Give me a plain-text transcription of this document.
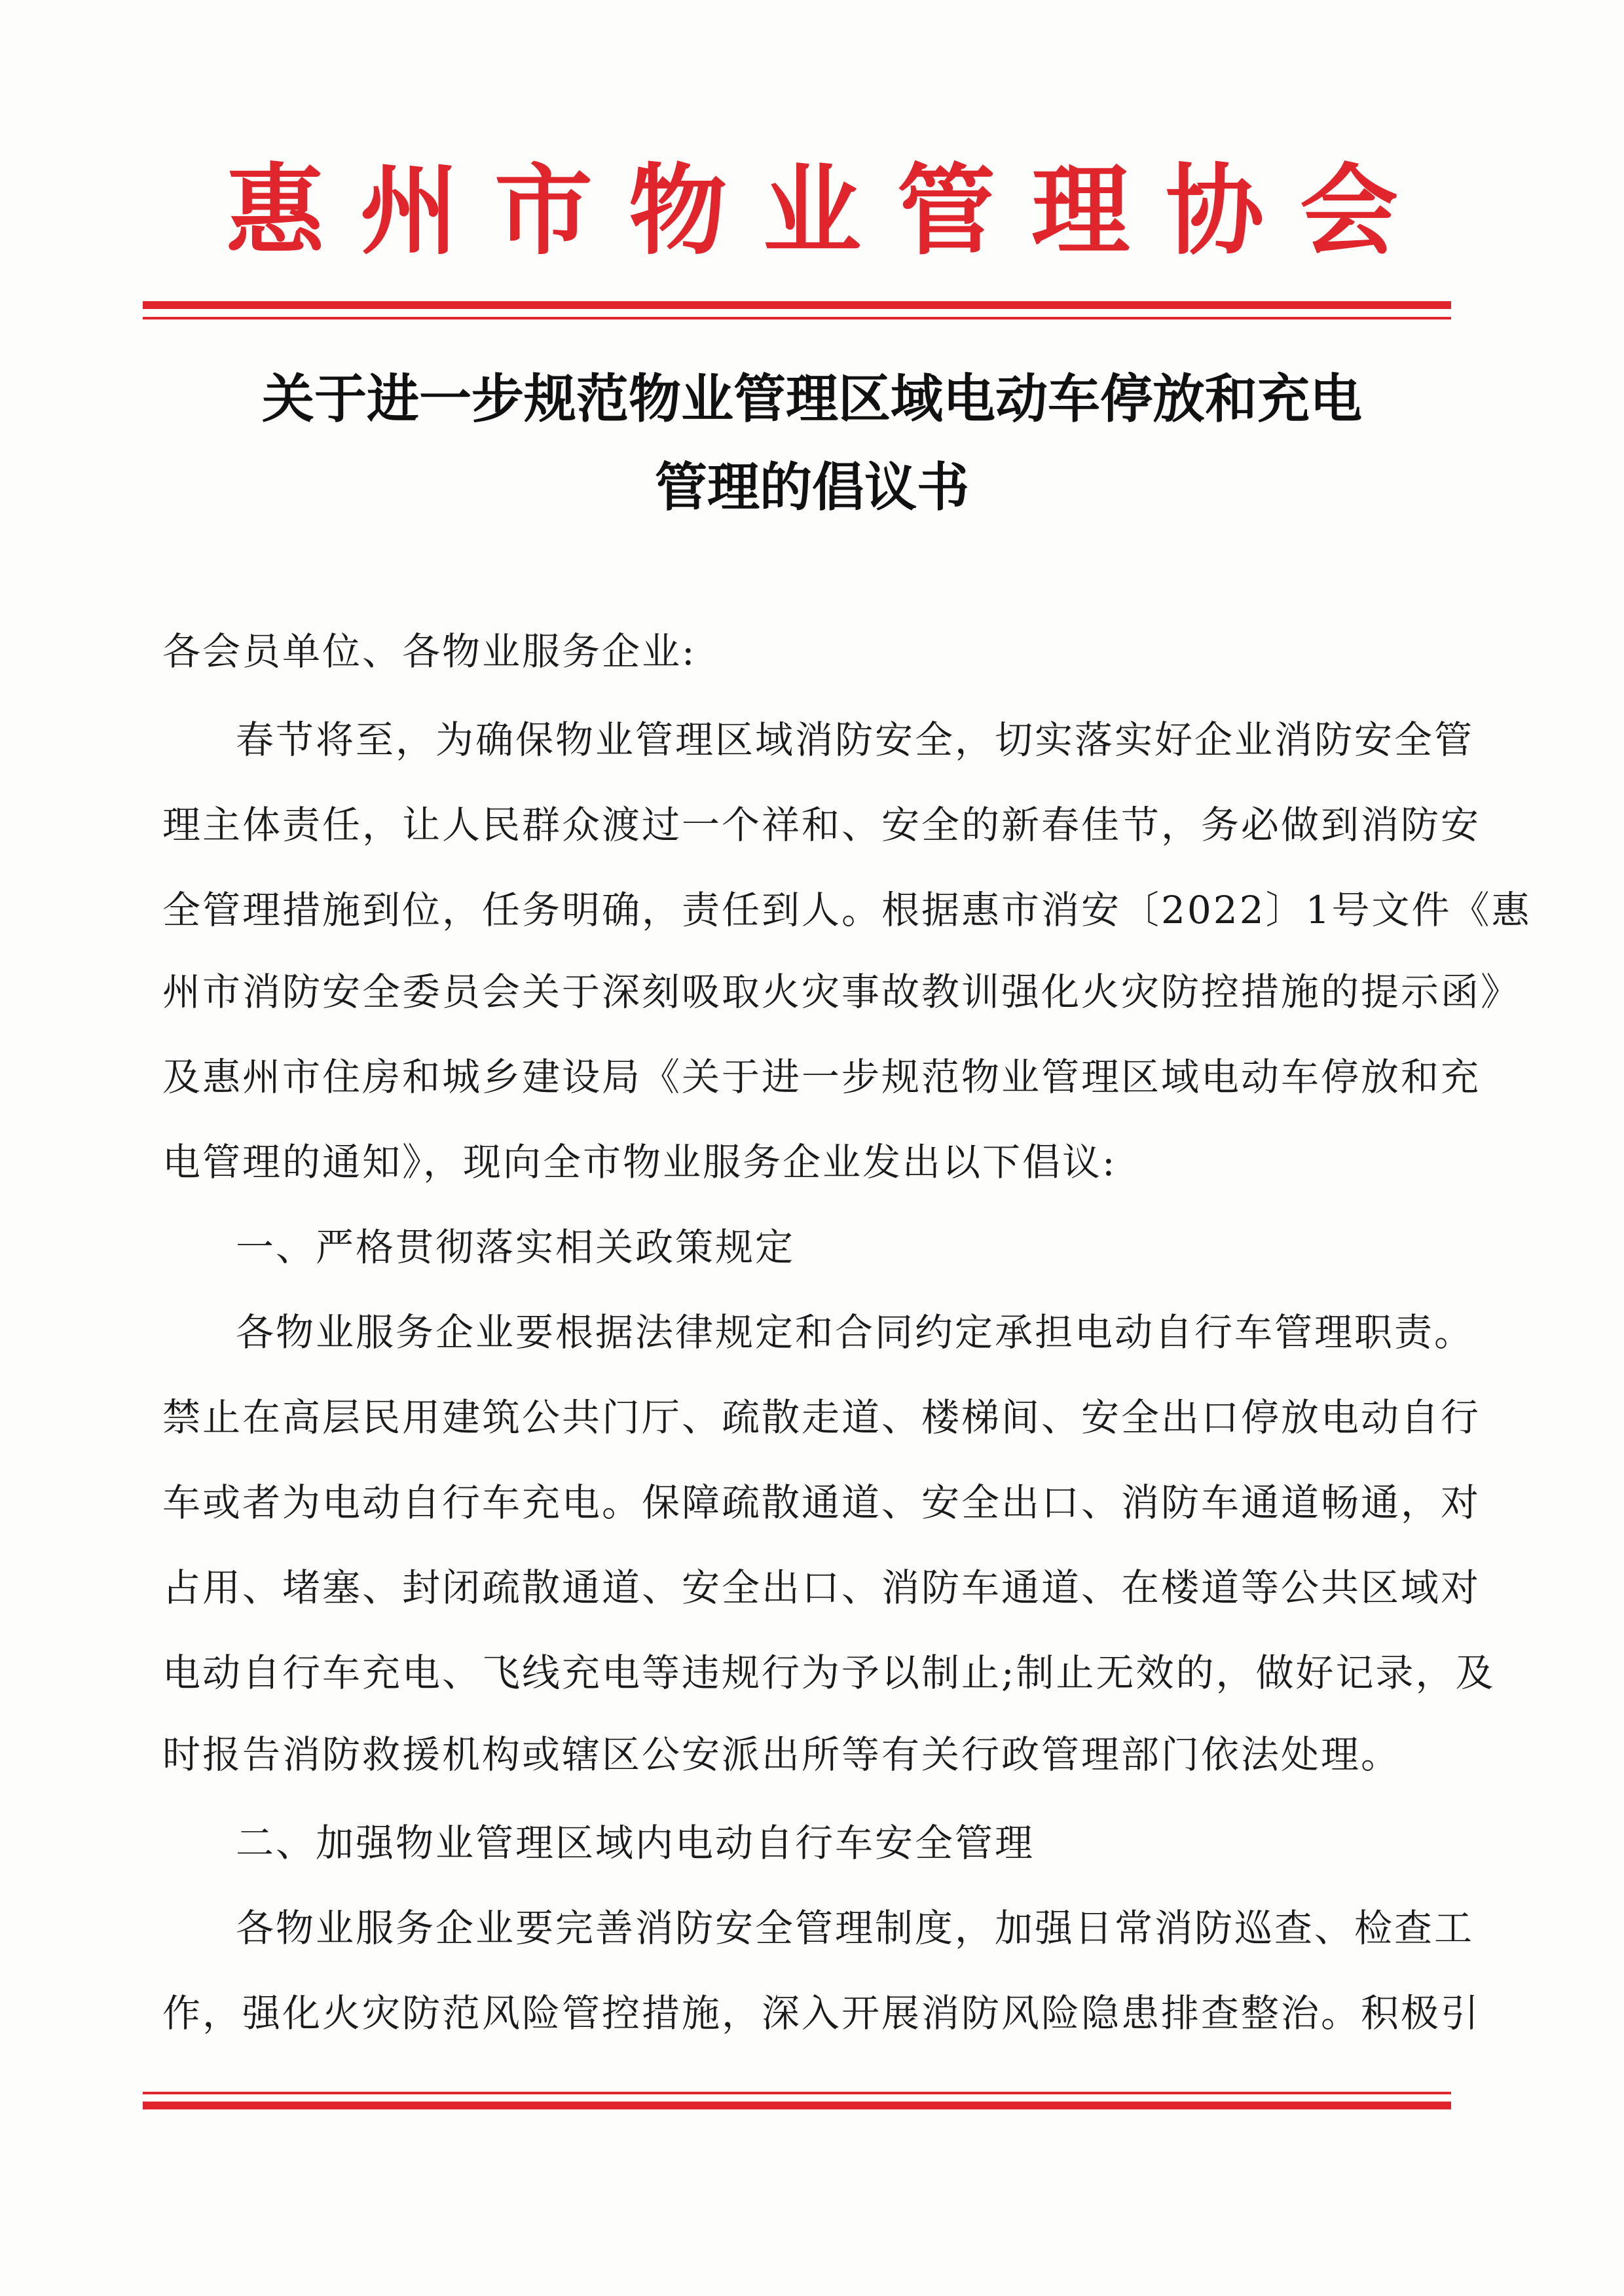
惠州市物业管理协会
关于进一步规范物业管理区域电动车停放和充电
管理的倡议书
各会员单位、各物业服务企业:
春节将至，为确保物业管理区域消防安全，切实落实好企业消防安全管
理主体责任，让人民群众渡过一个祥和、安全的新春佳节，务必做到消防安
全管理措施到位，任务明确，责任到人。根据惠市消安〔2022〕1号文件《惠
州市消防安全委员会关于深刻吸取火灾事故教训强化火灾防控措施的提示函》
及惠州市住房和城乡建设局《关于进一步规范物业管理区域电动车停放和充
电管理的通知》，现向全市物业服务企业发出以下倡议:
一、严格贯彻落实相关政策规定
各物业服务企业要根据法律规定和合同约定承担电动自行车管理职责。
禁止在高层民用建筑公共门厅、疏散走道、楼梯间、安全出口停放电动自行
车或者为电动自行车充电。保障疏散通道、安全出口、消防车通道畅通，对
占用、堵塞、封闭疏散通道、安全出口、消防车通道、在楼道等公共区域对
电动自行车充电、飞线充电等违规行为予以制止;制止无效的，做好记录，及
时报告消防救援机构或辖区公安派出所等有关行政管理部门依法处理。
二、加强物业管理区域内电动自行车安全管理
各物业服务企业要完善消防安全管理制度，加强日常消防巡查、检查工
作，强化火灾防范风险管控措施，深入开展消防风险隐患排查整治。积极引
